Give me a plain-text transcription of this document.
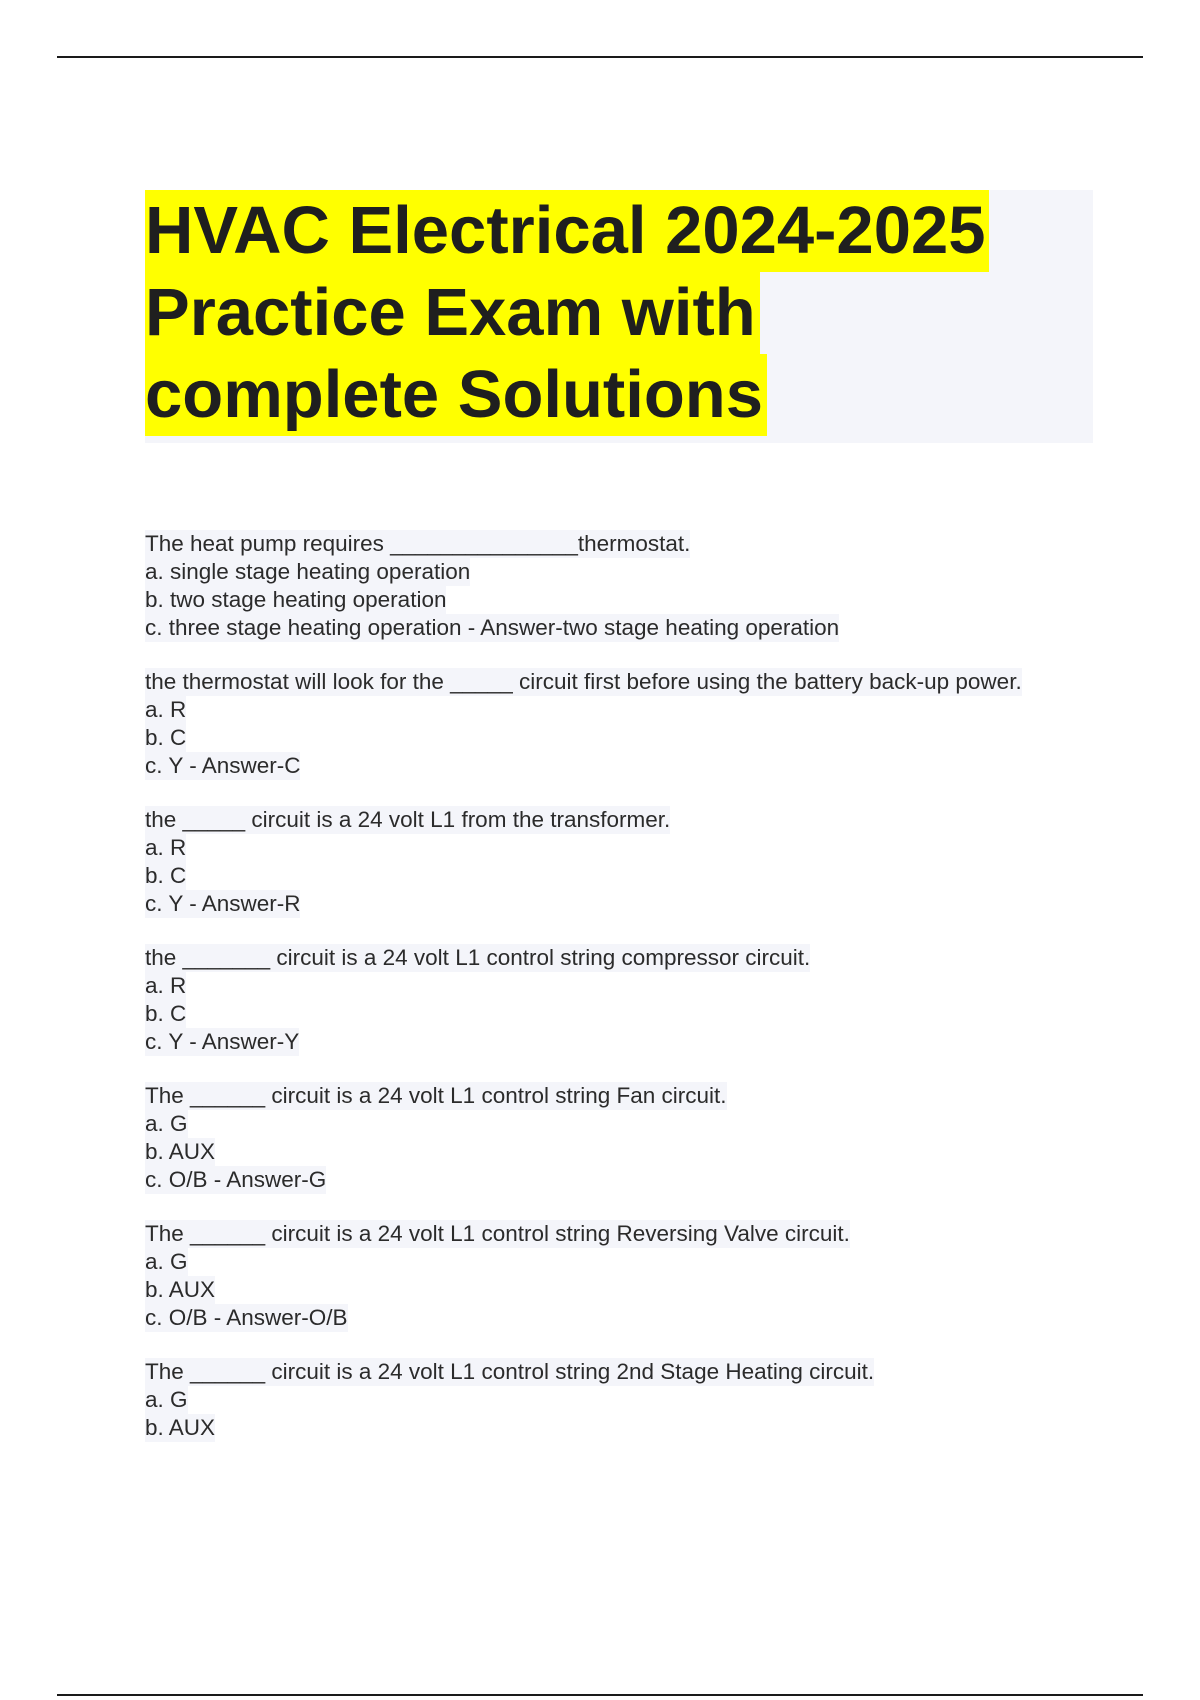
HVAC Electrical 2024-2025
Practice Exam with
complete Solutions
The heat pump requires _______________thermostat.
a. single stage heating operation
b. two stage heating operation
c. three stage heating operation - Answer-two stage heating operation
the thermostat will look for the _____ circuit first before using the battery back-up power.
a. R
b. C
c. Y - Answer-C
the _____ circuit is a 24 volt L1 from the transformer.
a. R
b. C
c. Y - Answer-R
the _______ circuit is a 24 volt L1 control string compressor circuit.
a. R
b. C
c. Y - Answer-Y
The ______ circuit is a 24 volt L1 control string Fan circuit.
a. G
b. AUX
c. O/B - Answer-G
The ______ circuit is a 24 volt L1 control string Reversing Valve circuit.
a. G
b. AUX
c. O/B - Answer-O/B
The ______ circuit is a 24 volt L1 control string 2nd Stage Heating circuit.
a. G
b. AUX
